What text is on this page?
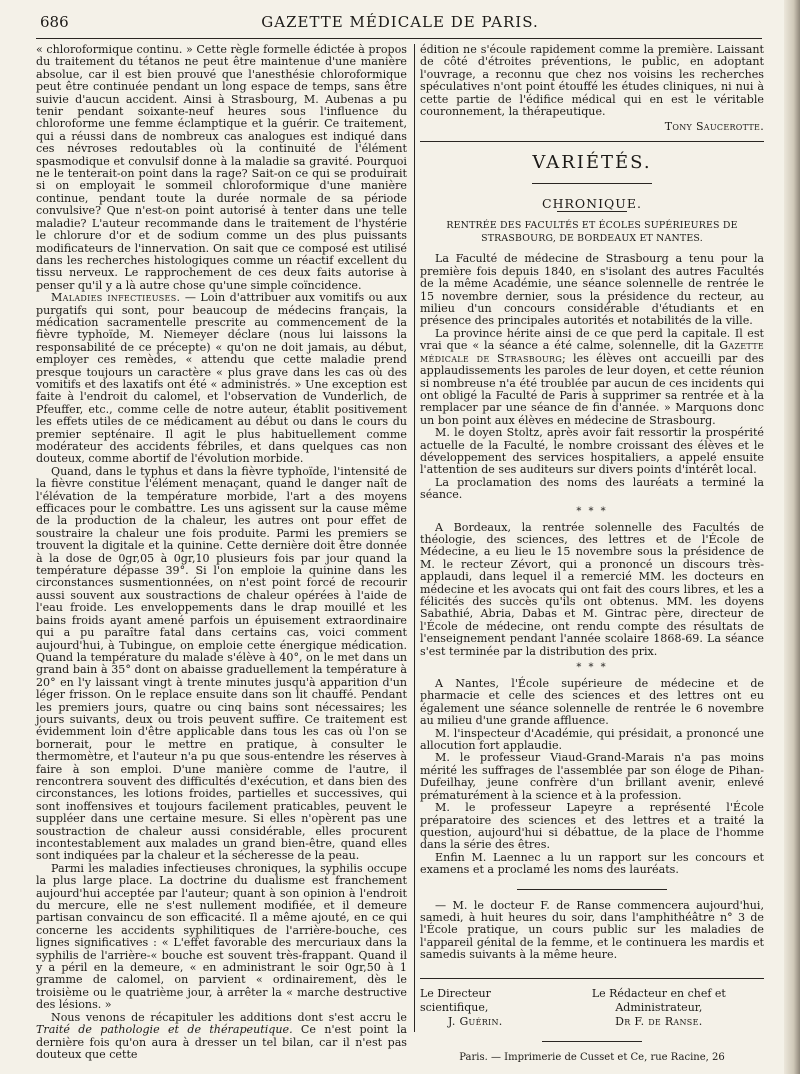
686	GAZETTE MÉDICALE DE PARIS.

« chloroformique continu. » Cette règle formelle édictée à propos du traitement du tétanos ne peut être maintenue d'une manière absolue, car il est bien prouvé que l'anesthésie chloroformique peut être continuée pendant un long espace de temps, sans être suivie d'aucun accident. Ainsi à Strasbourg, M. Aubenas a pu tenir pendant soixante-neuf heures sous l'influence du chloroforme une femme éclamptique et la guérir. Ce traitement, qui a réussi dans de nombreux cas analogues est indiqué dans ces névroses redoutables où la continuité de l'élément spasmodique et convulsif donne à la maladie sa gravité. Pourquoi ne le tenterait-on point dans la rage? Sait-on ce qui se produirait si on employait le sommeil chloroformique d'une manière continue, pendant toute la durée normale de sa période convulsive? Que n'est-on point autorisé à tenter dans une telle maladie? L'auteur recommande dans le traitement de l'hystérie le chlorure d'or et de sodium comme un des plus puissants modificateurs de l'innervation. On sait que ce composé est utilisé dans les recherches histologiques comme un réactif excellent du tissu nerveux. Le rapprochement de ces deux faits autorise à penser qu'il y a là autre chose qu'une simple coïncidence.

Maladies infectieuses. — Loin d'attribuer aux vomitifs ou aux purgatifs qui sont, pour beaucoup de médecins français, la médication sacramentelle prescrite au commencement de la fièvre typhoïde, M. Niemeyer déclare (nous lui laissons la responsabilité de ce précepte) « qu'on ne doit jamais, au début, employer ces remèdes, « attendu que cette maladie prend presque toujours un caractère « plus grave dans les cas où des vomitifs et des laxatifs ont été « administrés. » Une exception est faite à l'endroit du calomel, et l'observation de Vunderlich, de Pfeuffer, etc., comme celle de notre auteur, établit positivement les effets utiles de ce médicament au début ou dans le cours du premier septénaire. Il agit le plus habituellement comme modérateur des accidents fébriles, et dans quelques cas non douteux, comme abortif de l'évolution morbide.

Quand, dans le typhus et dans la fièvre typhoïde, l'intensité de la fièvre constitue l'élément menaçant, quand le danger naît de l'élévation de la température morbide, l'art a des moyens efficaces pour le combattre. Les uns agissent sur la cause même de la production de la chaleur, les autres ont pour effet de soustraire la chaleur une fois produite. Parmi les premiers se trouvent la digitale et la quinine. Cette dernière doit être donnée à la dose de 0gr,05 à 0gr,10 plusieurs fois par jour quand la température dépasse 39°. Si l'on emploie la quinine dans les circonstances susmentionnées, on n'est point forcé de recourir aussi souvent aux soustractions de chaleur opérées à l'aide de l'eau froide. Les enveloppements dans le drap mouillé et les bains froids ayant amené parfois un épuisement extraordinaire qui a pu paraître fatal dans certains cas, voici comment aujourd'hui, à Tubingue, on emploie cette énergique médication. Quand la température du malade s'élève à 40°, on le met dans un grand bain à 35° dont on abaisse graduellement la température à 20° en l'y laissant vingt à trente minutes jusqu'à apparition d'un léger frisson. On le replace ensuite dans son lit chauffé. Pendant les premiers jours, quatre ou cinq bains sont nécessaires; les jours suivants, deux ou trois peuvent suffire. Ce traitement est évidemment loin d'être applicable dans tous les cas où l'on se bornerait, pour le mettre en pratique, à consulter le thermomètre, et l'auteur n'a pu que sous-entendre les réserves à faire à son emploi. D'une manière comme de l'autre, il rencontrera souvent des difficultés d'exécution, et dans bien des circonstances, les lotions froides, partielles et successives, qui sont inoffensives et toujours facilement praticables, peuvent le suppléer dans une certaine mesure. Si elles n'opèrent pas une soustraction de chaleur aussi considérable, elles procurent incontestablement aux malades un grand bien-être, quand elles sont indiquées par la chaleur et la sécheresse de la peau.

Parmi les maladies infectieuses chroniques, la syphilis occupe la plus large place. La doctrine du dualisme est franchement aujourd'hui acceptée par l'auteur; quant à son opinion à l'endroit du mercure, elle ne s'est nullement modifiée, et il demeure partisan convaincu de son efficacité. Il a même ajouté, en ce qui concerne les accidents syphilitiques de l'arrière-bouche, ces lignes significatives : « L'effet favorable des mercuriaux dans la syphilis de l'arrière-« bouche est souvent très-frappant. Quand il y a péril en la demeure, « en administrant le soir 0gr,50 à 1 gramme de calomel, on parvient « ordinairement, dès le troisième ou le quatrième jour, à arrêter la « marche destructive des lésions. »

Nous venons de récapituler les additions dont s'est accru le Traité de pathologie et de thérapeutique. Ce n'est point la dernière fois qu'on aura à dresser un tel bilan, car il n'est pas douteux que cette

édition ne s'écoule rapidement comme la première. Laissant de côté d'étroites préventions, le public, en adoptant l'ouvrage, a reconnu que chez nos voisins les recherches spéculatives n'ont point étouffé les études cliniques, ni nui à cette partie de l'édifice médical qui en est le véritable couronnement, la thérapeutique.

Tony Saucerotte.
VARIÉTÉS.
CHRONIQUE.
RENTRÉE DES FACULTÉS ET ÉCOLES SUPÉRIEURES DE STRASBOURG, DE BORDEAUX ET NANTES.

La Faculté de médecine de Strasbourg a tenu pour la première fois depuis 1840, en s'isolant des autres Facultés de la même Académie, une séance solennelle de rentrée le 15 novembre dernier, sous la présidence du recteur, au milieu d'un concours considérable d'étudiants et en présence des principales autorités et notabilités de la ville.

La province hérite ainsi de ce que perd la capitale. Il est vrai que « la séance a été calme, solennelle, dit la Gazette médicale de Strasbourg; les élèves ont accueilli par des applaudissements les paroles de leur doyen, et cette réunion si nombreuse n'a été troublée par aucun de ces incidents qui ont obligé la Faculté de Paris à supprimer sa rentrée et à la remplacer par une séance de fin d'année. » Marquons donc un bon point aux élèves en médecine de Strasbourg.

M. le doyen Stoltz, après avoir fait ressortir la prospérité actuelle de la Faculté, le nombre croissant des élèves et le développement des services hospitaliers, a appelé ensuite l'attention de ses auditeurs sur divers points d'intérêt local.

La proclamation des noms des lauréats a terminé la séance.

* * *

A Bordeaux, la rentrée solennelle des Facultés de théologie, des sciences, des lettres et de l'École de Médecine, a eu lieu le 15 novembre sous la présidence de M. le recteur Zévort, qui a prononcé un discours très-applaudi, dans lequel il a remercié MM. les docteurs en médecine et les avocats qui ont fait des cours libres, et les a félicités des succès qu'ils ont obtenus. MM. les doyens Sabathié, Abria, Dabas et M. Gintrac père, directeur de l'École de médecine, ont rendu compte des résultats de l'enseignement pendant l'année scolaire 1868-69. La séance s'est terminée par la distribution des prix.

* * *

A Nantes, l'École supérieure de médecine et de pharmacie et celle des sciences et des lettres ont eu également une séance solennelle de rentrée le 6 novembre au milieu d'une grande affluence.

M. l'inspecteur d'Académie, qui présidait, a prononcé une allocution fort applaudie.

M. le professeur Viaud-Grand-Marais n'a pas moins mérité les suffrages de l'assemblée par son éloge de Pihan-Dufeilhay, jeune confrère d'un brillant avenir, enlevé prématurément à la science et à la profession.

M. le professeur Lapeyre a représenté l'École préparatoire des sciences et des lettres et a traité la question, aujourd'hui si débattue, de la place de l'homme dans la série des êtres.

Enfin M. Laennec a lu un rapport sur les concours et examens et a proclamé les noms des lauréats.

— M. le docteur F. de Ranse commencera aujourd'hui, samedi, à huit heures du soir, dans l'amphithéâtre n° 3 de l'École pratique, un cours public sur les maladies de l'appareil génital de la femme, et le continuera les mardis et samedis suivants à la même heure.

Le Directeur scientifique,
J. Guérin.
Le Rédacteur en chef et Administrateur,
Dr F. de Ranse.

Paris. — Imprimerie de Cusset et Ce, rue Racine, 26
